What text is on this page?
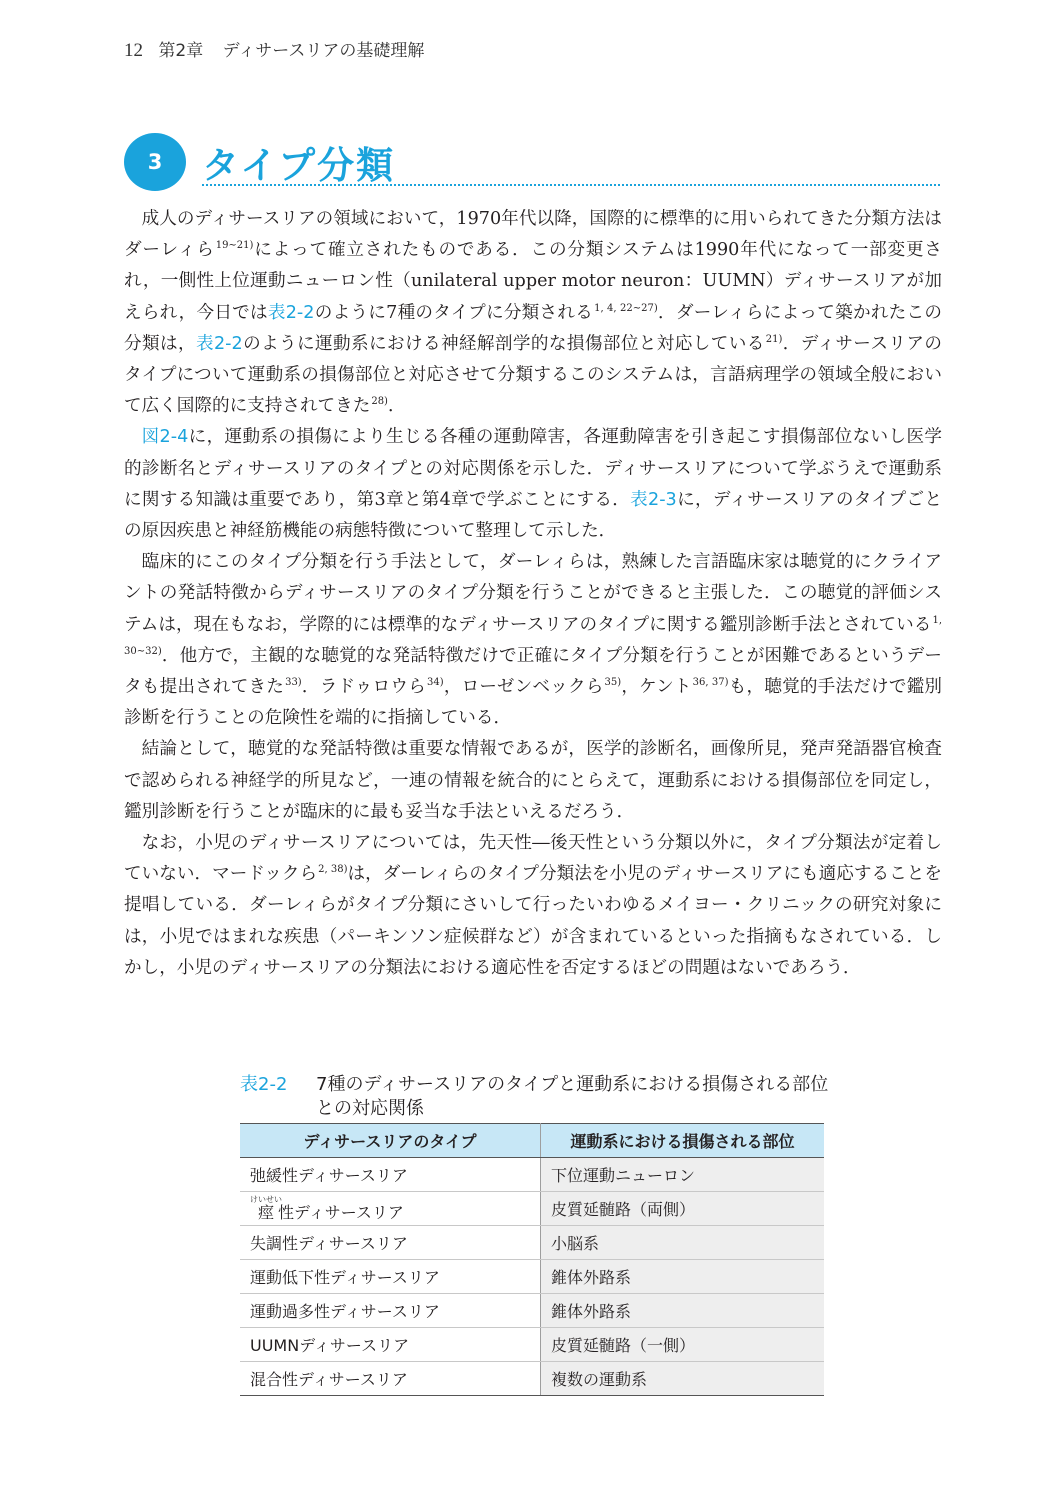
12 第2章 ディサースリアの基礎理解
3	タイプ分類

成人のディサースリアの領域において，1970年代以降，国際的に標準的に用いられてきた分類方法はダーレィら$^{19\sim 21)}$によって確立されたものである．この分類システムは1990年代になって一部変更され，一側性上位運動ニューロン性（unilateral upper motor neuron：UUMN）ディサースリアが加えられ，今日では表2-2のように7種のタイプに分類される$^{1, 4, 22\sim 27)}$．ダーレィらによって築かれたこの分類は，表2-2のように運動系における神経解剖学的な損傷部位と対応している$^{21)}$．ディサースリアのタイプについて運動系の損傷部位と対応させて分類するこのシステムは，言語病理学の領域全般において広く国際的に支持されてきた$^{28)}$．

図2-4に，運動系の損傷により生じる各種の運動障害，各運動障害を引き起こす損傷部位ないし医学的診断名とディサースリアのタイプとの対応関係を示した．ディサースリアについて学ぶうえで運動系に関する知識は重要であり，第3章と第4章で学ぶことにする．表2-3に，ディサースリアのタイプごとの原因疾患と神経筋機能の病態特徴について整理して示した．

臨床的にこのタイプ分類を行う手法として，ダーレィらは，熟練した言語臨床家は聴覚的にクライアントの発話特徴からディサースリアのタイプ分類を行うことができると主張した．この聴覚的評価システムは，現在もなお，学際的には標準的なディサースリアのタイプに関する鑑別診断手法とされている$^{1, 30\sim 32)}$．他方で，主観的な聴覚的な発話特徴だけで正確にタイプ分類を行うことが困難であるというデータも提出されてきた$^{33)}$．ラドゥロウら$^{34)}$，ローゼンベックら$^{35)}$，ケント$^{36, 37)}$も，聴覚的手法だけで鑑別診断を行うことの危険性を端的に指摘している．

結論として，聴覚的な発話特徴は重要な情報であるが，医学的診断名，画像所見，発声発語器官検査で認められる神経学的所見など，一連の情報を統合的にとらえて，運動系における損傷部位を同定し，鑑別診断を行うことが臨床的に最も妥当な手法といえるだろう．

なお，小児のディサースリアについては，先天性―後天性という分類以外に，タイプ分類法が定着していない．マードックら$^{2, 38)}$は，ダーレィらのタイプ分類法を小児のディサースリアにも適応することを提唱している．ダーレィらがタイプ分類にさいして行ったいわゆるメイヨー・クリニックの研究対象には，小児ではまれな疾患（パーキンソン症候群など）が含まれているといった指摘もなされている．しかし，小児のディサースリアの分類法における適応性を否定するほどの問題はないであろう．

表2-2 7種のディサースリアのタイプと運動系における損傷される部位との対応関係
ディサースリアのタイプ	運動系における損傷される部位
弛緩性ディサースリア	下位運動ニューロン
痙けいせい性ディサースリア	皮質延髄路（両側）
失調性ディサースリア	小脳系
運動低下性ディサースリア	錐体外路系
運動過多性ディサースリア	錐体外路系
UUMNディサースリア	皮質延髄路（一側）
混合性ディサースリア	複数の運動系
